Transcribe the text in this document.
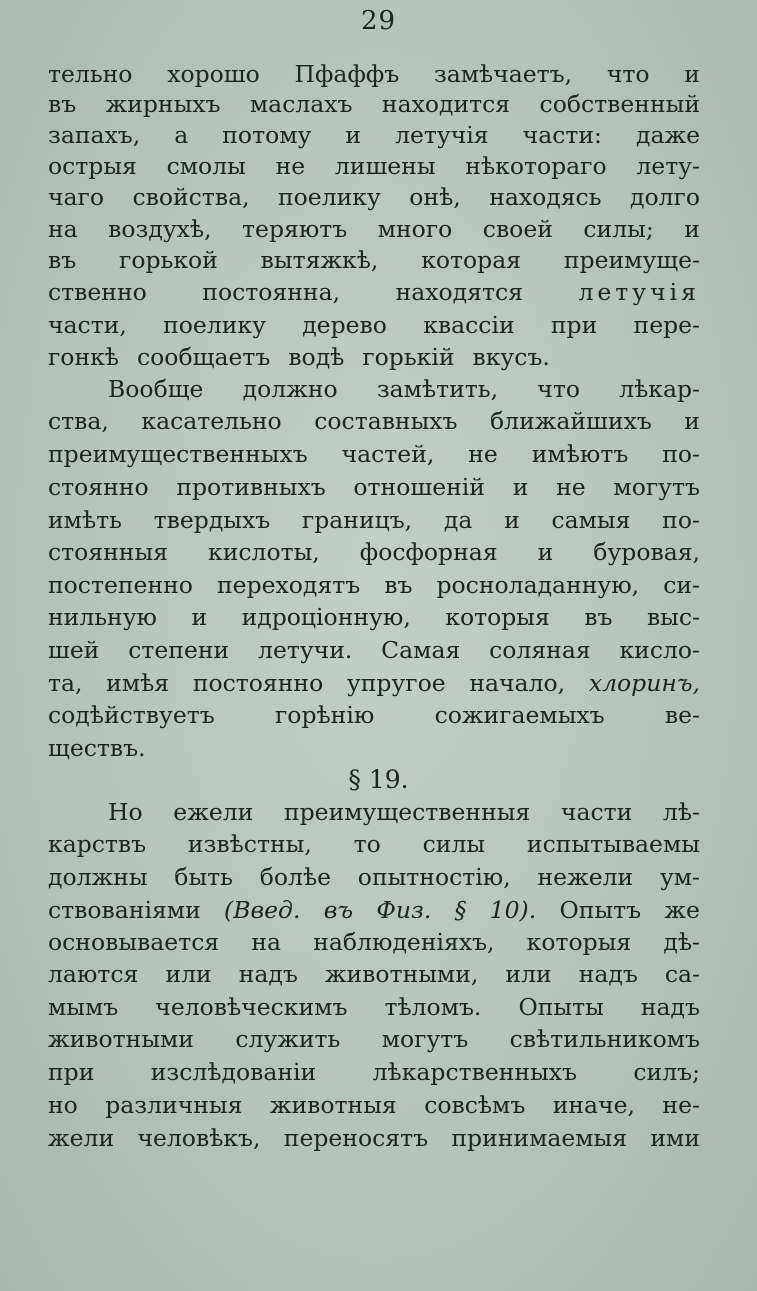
29
тельно хорошо Пфаффъ замѣчаетъ, что и
въ жирныхъ маслахъ находится собственный
запахъ, а потому и летучія части: даже
острыя смолы не лишены нѣкотораго лету-
чаго свойства, поелику онѣ, находясь долго
на воздухѣ, теряютъ много своей силы; и
въ горькой вытяжкѣ, которая преимуще-
ственно постоянна, находятся летучія
части, поелику дерево квассіи при пере-
гонкѣ сообщаетъ водѣ горькій вкусъ.
Вообще должно замѣтить, что лѣкар-
ства, касательно составныхъ ближайшихъ и
преимущественныхъ частей, не имѣютъ по-
стоянно противныхъ отношеній и не могутъ
имѣть твердыхъ границъ, да и самыя по-
стоянныя кислоты, фосфорная и буровая,
постепенно переходятъ въ росноладанную, си-
нильную и идроціонную, которыя въ выс-
шей степени летучи. Самая соляная кисло-
та, имѣя постоянно упругое начало, хлоринъ,
содѣйствуетъ	горѣнію	сожигаемыхъ	ве-
ществъ.
Но ежели преимущественныя части лѣ-
карствъ извѣстны, то силы испытываемы
должны быть болѣе опытностію, нежели ум-
ствованіями (Введ. въ Физ. § 10). Опытъ же
основывается на наблюденіяхъ, которыя дѣ-
лаются или надъ животными, или надъ са-
мымъ человѣческимъ тѣломъ. Опыты надъ
животными служить могутъ свѣтильникомъ
при изслѣдованіи лѣкарственныхъ силъ;
но различныя животныя совсѣмъ иначе, не-
жели человѣкъ, переносятъ принимаемыя ими
§ 19.
